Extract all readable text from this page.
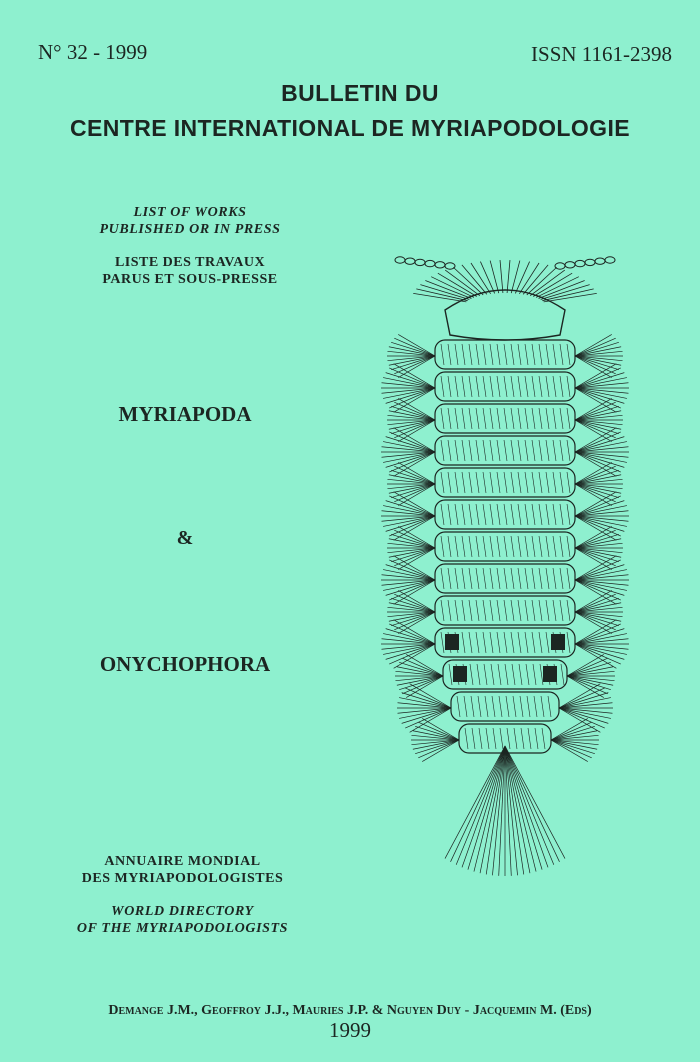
N° 32 - 1999	ISSN 1161-2398
BULLETIN DU
CENTRE INTERNATIONAL DE MYRIAPODOLOGIE
LIST OF WORKS
PUBLISHED OR IN PRESS
LISTE DES TRAVAUX
PARUS ET SOUS-PRESSE
MYRIAPODA
&
ONYCHOPHORA
ANNUAIRE MONDIAL
DES MYRIAPODOLOGISTES
WORLD DIRECTORY
OF THE MYRIAPODOLOGISTS
Demange J.M., Geoffroy J.J., Mauries J.P. & Nguyen Duy - Jacquemin M. (Eds)
1999
